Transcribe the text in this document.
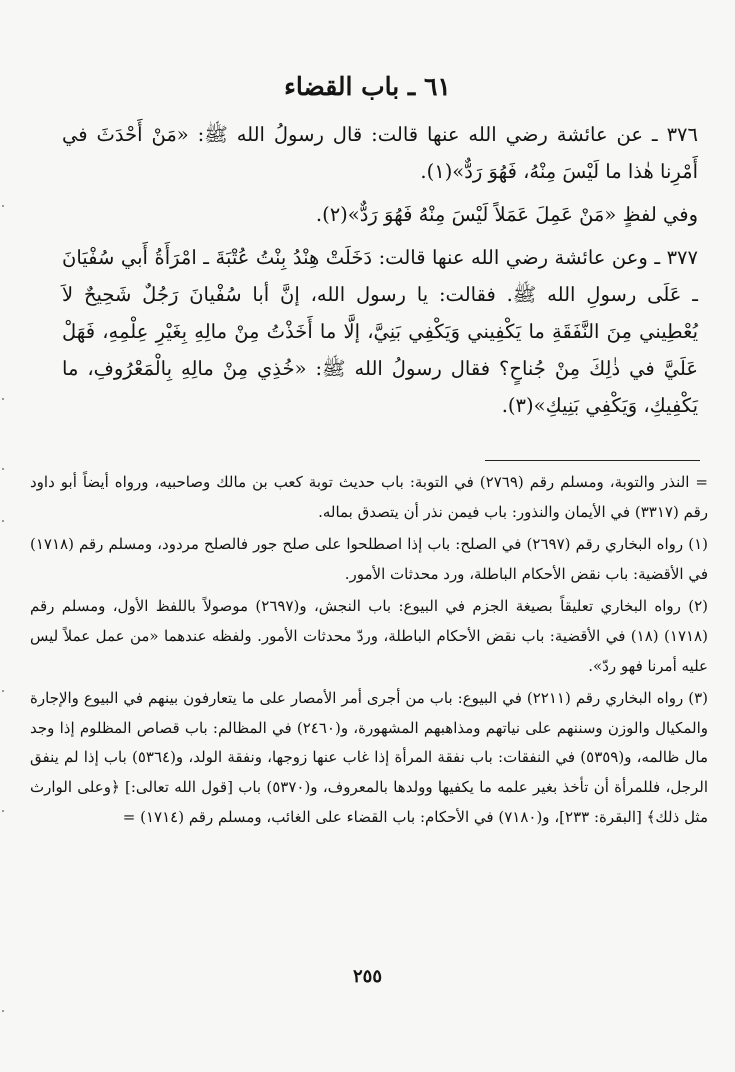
٦١ ـ باب القضاء

٣٧٦ ـ عن عائشة رضي الله عنها قالت: قال رسولُ الله ﷺ: «مَنْ أَحْدَثَ في أَمْرِنا هٰذا ما لَيْسَ مِنْهُ، فَهُوَ رَدٌّ»(١).

وفي لفظٍ «مَنْ عَمِلَ عَمَلاً لَيْسَ مِنْهُ فَهُوَ رَدٌّ»(٢).

٣٧٧ ـ وعن عائشة رضي الله عنها قالت: دَخَلَتْ هِنْدُ بِنْتُ عُتْبَةَ ـ امْرَأَةُ أَبي سُفْيَانَ ـ عَلَى رسولِ الله ﷺ. فقالت: يا رسول الله، إنَّ أبا سُفْيانَ رَجُلٌ شَحِيحٌ لاَ يُعْطِيني مِنَ النَّفَقَةِ ما يَكْفِيني وَيَكْفِي بَنِيَّ، إلَّا ما أَخَذْتُ مِنْ مالِهِ بِغَيْرِ عِلْمِهِ، فَهَلْ عَلَيَّ في ذٰلِكَ مِنْ جُناحٍ؟ فقال رسولُ الله ﷺ: «خُذِي مِنْ مالِهِ بِالْمَعْرُوفِ، ما يَكْفِيكِ، وَيَكْفِي بَنِيكِ»(٣).

= النذر والتوبة، ومسلم رقم (٢٧٦٩) في التوبة: باب حديث توبة كعب بن مالك وصاحبيه، ورواه أيضاً أبو داود رقم (٣٣١٧) في الأيمان والنذور: باب فيمن نذر أن يتصدق بماله.

(١) رواه البخاري رقم (٢٦٩٧) في الصلح: باب إذا اصطلحوا على صلح جور فالصلح مردود، ومسلم رقم (١٧١٨) في الأقضية: باب نقض الأحكام الباطلة، ورد محدثات الأمور.

(٢) رواه البخاري تعليقاً بصيغة الجزم في البيوع: باب النجش، و(٢٦٩٧) موصولاً باللفظ الأول، ومسلم رقم (١٧١٨) (١٨) في الأقضية: باب نقض الأحكام الباطلة، وردّ محدثات الأمور. ولفظه عندهما «من عمل عملاً ليس عليه أمرنا فهو ردّ».

(٣) رواه البخاري رقم (٢٢١١) في البيوع: باب من أجرى أمر الأمصار على ما يتعارفون بينهم في البيوع والإجارة والمكيال والوزن وسننهم على نياتهم ومذاهبهم المشهورة، و(٢٤٦٠) في المظالم: باب قصاص المظلوم إذا وجد مال ظالمه، و(٥٣٥٩) في النفقات: باب نفقة المرأة إذا غاب عنها زوجها، ونفقة الولد، و(٥٣٦٤) باب إذا لم ينفق الرجل، فللمرأة أن تأخذ بغير علمه ما يكفيها وولدها بالمعروف، و(٥٣٧٠) باب [قول الله تعالى:] ﴿وعلى الوارث مثل ذلك﴾ [البقرة: ٢٣٣]، و(٧١٨٠) في الأحكام: باب القضاء على الغائب، ومسلم رقم (١٧١٤) =

٢٥٥
